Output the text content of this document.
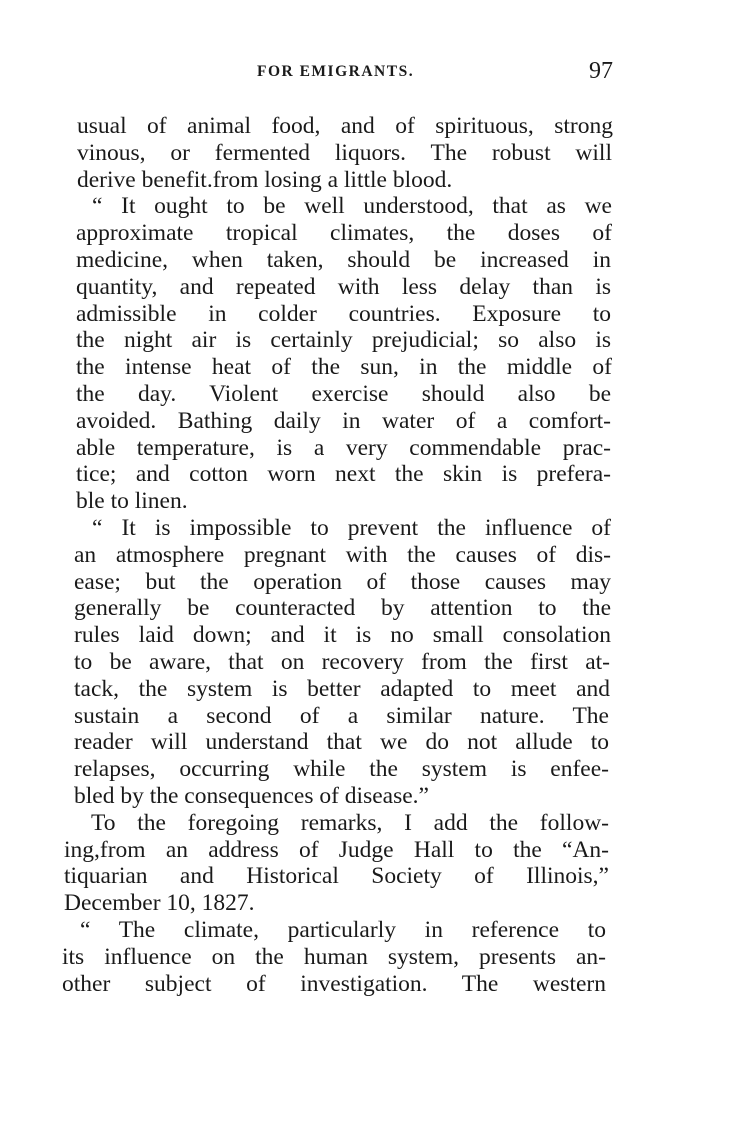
FOR EMIGRANTS.	97
usual of animal food, and of spirituous, strong
vinous, or fermented liquors. The robust will
derive benefit.from losing a little blood.
“ It ought to be well understood, that as we
approximate tropical climates, the doses of
medicine, when taken, should be increased in
quantity, and repeated with less delay than is
admissible in colder countries. Exposure to
the night air is certainly prejudicial; so also is
the intense heat of the sun, in the middle of
the day. Violent exercise should also be
avoided. Bathing daily in water of a comfort-
able temperature, is a very commendable prac-
tice; and cotton worn next the skin is prefera-
ble to linen.
“ It is impossible to prevent the influence of
an atmosphere pregnant with the causes of dis-
ease; but the operation of those causes may
generally be counteracted by attention to the
rules laid down; and it is no small consolation
to be aware, that on recovery from the first at-
tack, the system is better adapted to meet and
sustain a second of a similar nature. The
reader will understand that we do not allude to
relapses, occurring while the system is enfee-
bled by the consequences of disease.”
To the foregoing remarks, I add the follow-
ing,from an address of Judge Hall to the “An-
tiquarian and Historical Society of Illinois,”
December 10, 1827.
“ The climate, particularly in reference to
its influence on the human system, presents an-
other subject of investigation. The western
